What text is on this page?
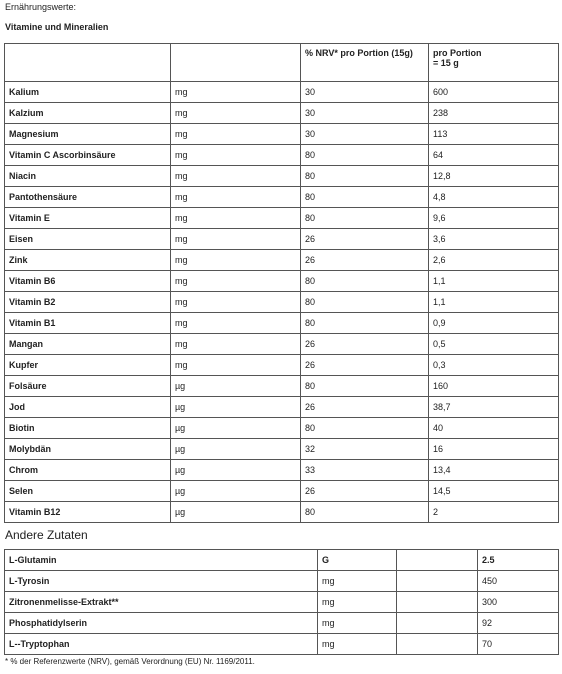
Ernährungswerte:
Vitamine und Mineralien
		% NRV* pro Portion (15g)	pro Portion
= 15 g
Kalium	mg	30	600
Kalzium	mg	30	238
Magnesium	mg	30	113
Vitamin C Ascorbinsäure	mg	80	64
Niacin	mg	80	12,8
Pantothensäure	mg	80	4,8
Vitamin E	mg	80	9,6
Eisen	mg	26	3,6
Zink	mg	26	2,6
Vitamin B6	mg	80	1,1
Vitamin B2	mg	80	1,1
Vitamin B1	mg	80	0,9
Mangan	mg	26	0,5
Kupfer	mg	26	0,3
Folsäure	µg	80	160
Jod	µg	26	38,7
Biotin	µg	80	40
Molybdän	µg	32	16
Chrom	µg	33	13,4
Selen	µg	26	14,5
Vitamin B12	µg	80	2
Andere Zutaten
L-Glutamin	G		2.5
L-Tyrosin	mg		450
Zitronenmelisse-Extrakt**	mg		300
Phosphatidylserin	mg		92
L--Tryptophan	mg		70
* % der Referenzwerte (NRV), gemäß Verordnung (EU) Nr. 1169/2011.
